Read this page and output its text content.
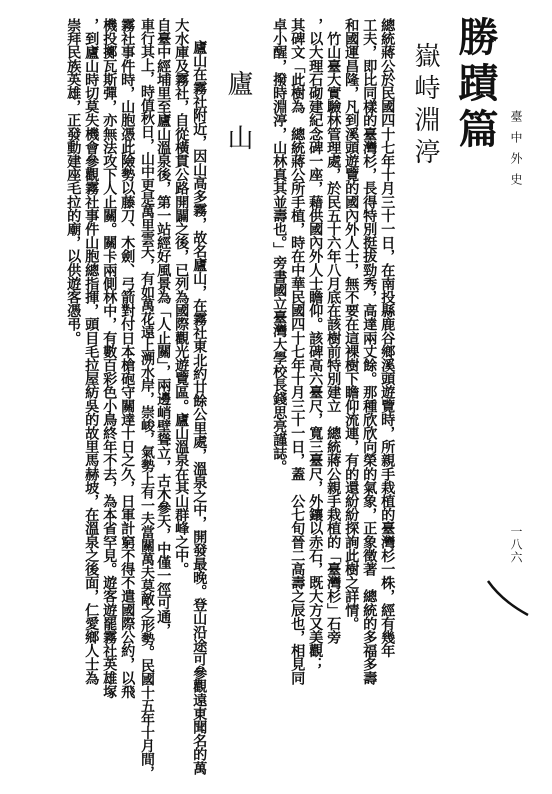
臺中外史
一八六
勝蹟篇
嶽峙淵渟

總統蔣公於民國四十七年十月三十一日，在南投縣鹿谷鄉溪頭遊覽時，所親手栽植的臺灣杉一株，經有幾年

工夫，即比同樣的臺灣杉，長得特別挺拔勁秀，高達兩丈餘。那種欣欣向榮的氣象，正象徵著　總統的多福多壽

和國運昌隆，凡到溪頭遊覽的國內外人士，無不要在這裸樹下瞻仰流連，有的還紛紛探詢此樹之詳情。

　竹山臺大實驗林管理處，於民五十六年八月底在該樹前特別建立　總統蔣公親手栽植的「臺灣杉」石旁

，以大理石砌建紀念碑一座，藉供國內外人士瞻仰。該碑高六臺尺，寬三臺尺，外鑲以赤石，既大方又美觀；

其碑文「此樹為　總統蔣公所手植，時在中華民國四十七年十月三十一日，蓋　公七旬晉二高壽之辰也，相見同

卓小醒，撥時淵渟，山林真其並壽也。」旁書國立臺灣大學校長錢思亮謹誌。

廬山

廬山在霧社附近，因山高多霧，故名廬山，在霧社東北約廿餘公里處，溫泉之中，開發最晚。登山沿途可參觀遠東聞名的萬

大水庫及霧社，自從橫貫公路開闢之後，已列為國際觀光遊覽區。廬山溫泉在其山群峰之中。

自臺中經埔里至廬山溫泉後，第一站經好風景為「人止關」，兩邊峭壁聳立，古木參天，中僅一徑可通，

車行其上，時值秋日，山中更是萬里雲天，有如萬花遠上溯水岸，崇峻，氣勢上有一夫當關萬夫莫敵之形勢。民國十五年十月間，

霧社事件時，山胞憑此險勢以藤刀、木劍、弓箭對付日本槍砲守關達十日之久，日軍計窮不得不遣國際公約，以飛

機投擲瓦斯彈，亦無法攻下人止關。關卡兩側林中，有數百彩色小鳥終年不去，為本省罕見。遊客遊罷霧社英雄塚

，到廬山時切莫失機會參觀霧社事件山胞總指揮，頭目毛拉屋紡吳的故里馬赫坡，在溫泉之後面，仁愛鄉人士為

崇拜民族英雄，正發動建座毛拉的廟，以供遊客憑弔。
